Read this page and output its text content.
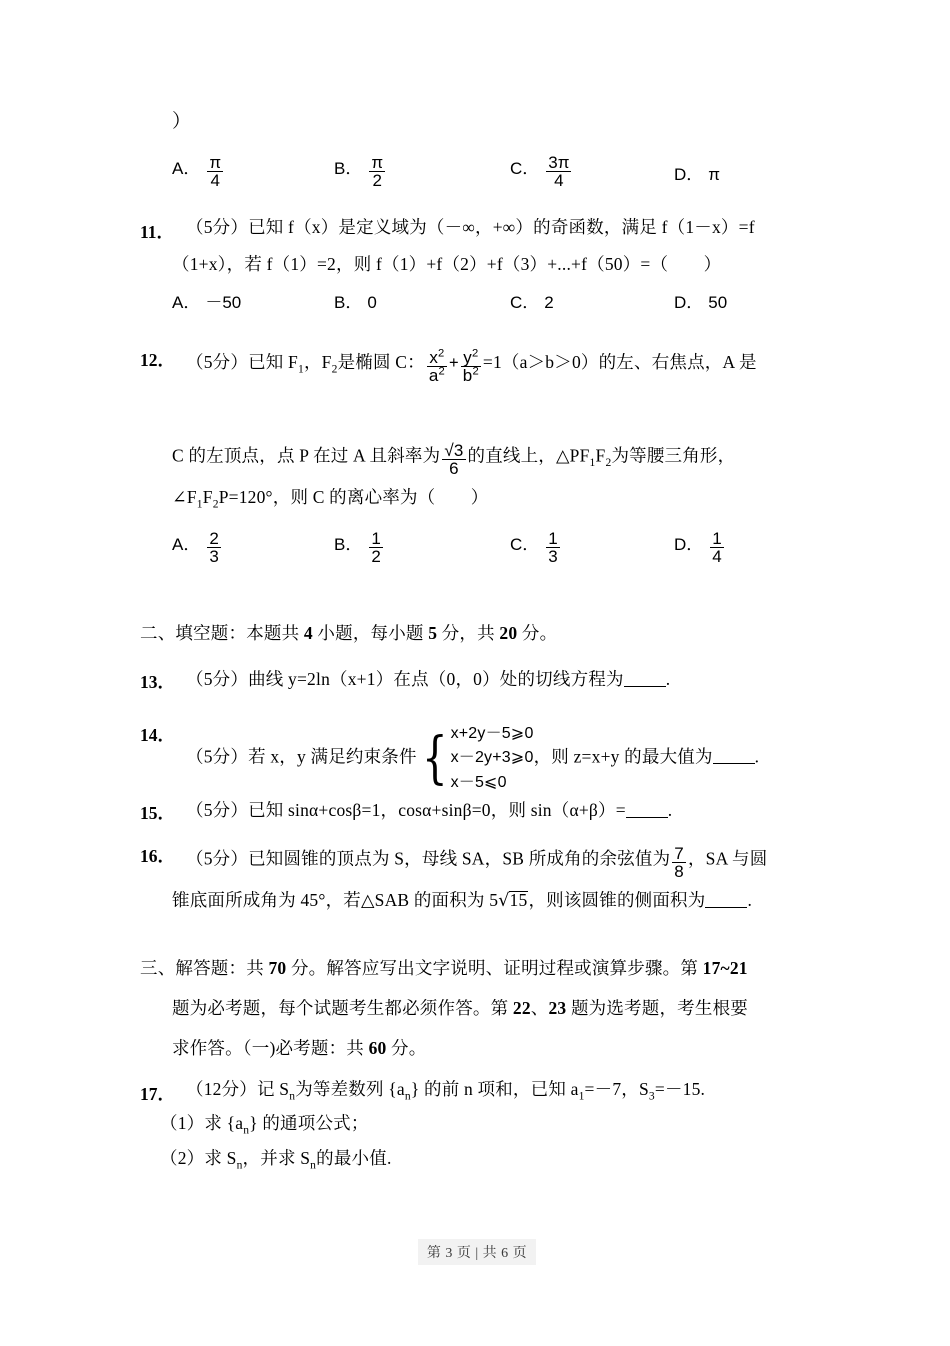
）
A． $\frac{\pi}{4}$	B． $\frac{\pi}{2}$	C． $\frac{3\pi}{4}$	D． π
11． （5分）已知 f（x）是定义域为（－∞，+∞）的奇函数，满足 f（1－x）=f
（1+x），若 f（1）=2，则 f（1）+f（2）+f（3）+...+f（50）=（　　）
A． －50	B． 0	C． 2	D． 50
12． （5分）已知 $F_1$，$F_2$是椭圆 C： $\frac{x^2}{a^2} + \frac{y^2}{b^2} =1(a>b>0)$的左、右焦点，A 是
C 的左顶点，点 P 在过 A 且斜率为 $\frac{√3}{6}$ 的直线上，$\triangle PF_1F_2$为等腰三角形，
$\angle F_1F_2P=120^\circ$，则 C 的离心率为（　　）
A． $\frac{2}{3}$	B． $\frac{1}{2}$	C． $\frac{1}{3}$	D． $\frac{1}{4}$
二、填空题：本题共 4 小题，每小题 5 分，共 20 分。
13． （5分）曲线 y=2ln（x+1）在点（0，0）处的切线方程为 .
14．
（5分）若 x，y 满足约束条件{ x+2y－5⩾0
x－2y+3⩾0
x－5⩽0
，则 z=x+y 的最大值为 .
15． （5分）已知 sinα+cosβ=1，cosα+sinβ=0，则 sin（α+β）= .
16． （5分）已知圆锥的顶点为 S，母线 SA，SB 所成角的余弦值为 $\frac{7}{8}$ ，SA 与圆
锥底面所成角为 45°，若△SAB 的面积为 5√15，则该圆锥的侧面积为 .
三、解答题：共 70 分。解答应写出文字说明、证明过程或演算步骤。第 17~21
题为必考题，每个试题考生都必须作答。第 22、23 题为选考题，考生根要
求作答。（一)必考题：共 60 分。
17． （12分）记 $S_n$为等差数列 $\{a_n\}$ 的前 n 项和，已知 $a_1=-7$，$S_3=-15$.
（1）求 $\{a_n\}$ 的通项公式；
（2）求 $S_n$，并求 $S_n$的最小值.
第 3 页 | 共 6 页
